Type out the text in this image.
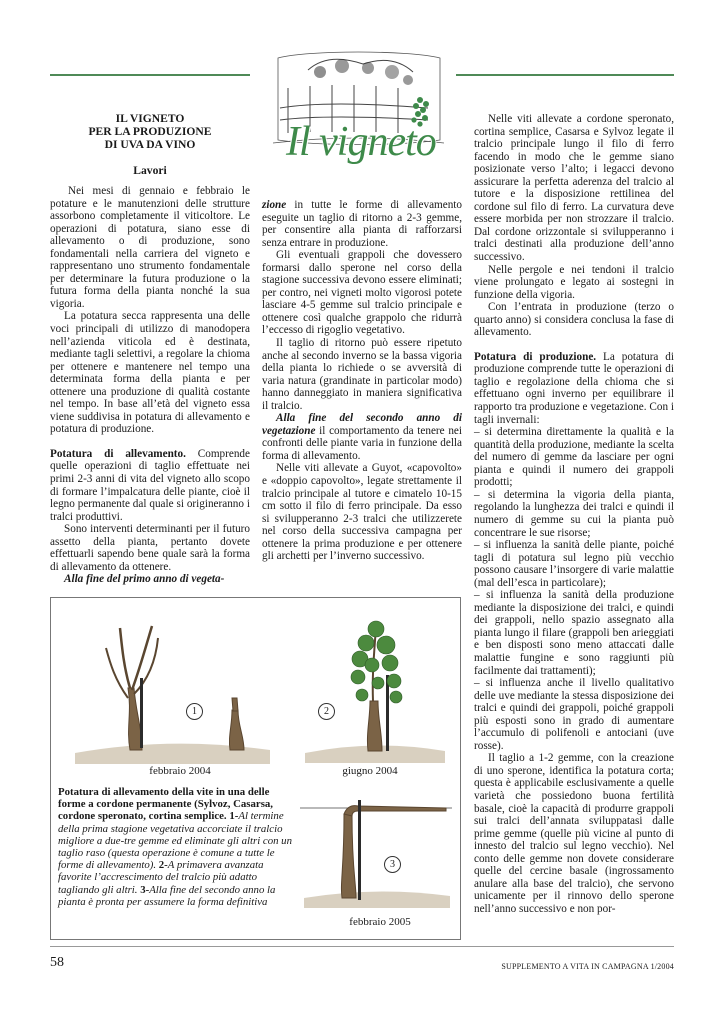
Il vigneto
IL VIGNETO
PER LA PRODUZIONE
DI UVA DA VINO
Lavori

Nei mesi di gennaio e febbraio le potature e le manutenzioni delle strutture assorbono completamente il viticoltore. Le operazioni di potatura, siano esse di allevamento o di produzione, sono fondamentali nella carriera del vigneto e rappresentano uno strumento fondamentale per determinare la futura produzione o la futura forma della pianta nonché la sua vigoria.

La potatura secca rappresenta una delle voci principali di utilizzo di manodopera nell’azienda viticola ed è destinata, mediante tagli selettivi, a regolare la chioma per ottenere e mantenere nel tempo una determinata forma della pianta e per ottenere una produzione di qualità costante nel tempo. In base all’età del vigneto essa viene suddivisa in potatura di allevamento e potatura di produzione.

Potatura di allevamento. Comprende quelle operazioni di taglio effettuate nei primi 2-3 anni di vita del vigneto allo scopo di formare l’impalcatura delle piante, cioè il legno permanente dal quale si origineranno i tralci produttivi.

Sono interventi determinanti per il futuro assetto della pianta, pertanto dovete effettuarli sapendo bene quale sarà la forma di allevamento da ottenere.

Alla fine del primo anno di vegeta-

zione in tutte le forme di allevamento eseguite un taglio di ritorno a 2-3 gemme, per consentire alla pianta di rafforzarsi senza entrare in produzione.

Gli eventuali grappoli che dovessero formarsi dallo sperone nel corso della stagione successiva devono essere eliminati; per contro, nei vigneti molto vigorosi potete lasciare 4-5 gemme sul tralcio principale e ottenere così qualche grappolo che ridurrà l’eccesso di rigoglio vegetativo.

Il taglio di ritorno può essere ripetuto anche al secondo inverno se la bassa vigoria della pianta lo richiede o se avversità di varia natura (grandinate in particolar modo) hanno danneggiato in maniera significativa il tralcio.

Alla fine del secondo anno di vegetazione il comportamento da tenere nei confronti delle piante varia in funzione della forma di allevamento.

Nelle viti allevate a Guyot, «capovolto» e «doppio capovolto», legate strettamente il tralcio principale al tutore e cimatelo 10-15 cm sotto il filo di ferro principale. Da esso si svilupperanno 2-3 tralci che utilizzerete nel corso della successiva campagna per ottenere la prima produzione e per ottenere gli archetti per l’inverno successivo.

Nelle viti allevate a cordone speronato, cortina semplice, Casarsa e Sylvoz legate il tralcio principale lungo il filo di ferro facendo in modo che le gemme siano posizionate verso l’alto; i legacci devono assicurare la perfetta aderenza del tralcio al tutore e la disposizione rettilinea del cordone sul filo di ferro. La curvatura deve essere morbida per non strozzare il tralcio. Dal cordone orizzontale si svilupperanno i tralci destinati alla produzione dell’anno successivo.

Nelle pergole e nei tendoni il tralcio viene prolungato e legato ai sostegni in funzione della vigoria.

Con l’entrata in produzione (terzo o quarto anno) si considera conclusa la fase di allevamento.

Potatura di produzione. La potatura di produzione comprende tutte le operazioni di taglio e regolazione della chioma che si effettuano ogni inverno per equilibrare il rapporto tra produzione e vegetazione. Con i tagli invernali:

– si determina direttamente la qualità e la quantità della produzione, mediante la scelta del numero di gemme da lasciare per ogni pianta e quindi il numero dei grappoli prodotti;

– si determina la vigoria della pianta, regolando la lunghezza dei tralci e quindi il numero di gemme su cui la pianta può concentrare le sue risorse;

– si influenza la sanità delle piante, poiché tagli di potatura sul legno più vecchio possono causare l’insorgere di varie malattie (mal dell’esca in particolare);

– si influenza la sanità della produzione mediante la disposizione dei tralci, e quindi dei grappoli, nello spazio assegnato alla pianta lungo il filare (grappoli ben arieggiati e ben disposti sono meno attaccati dalle malattie fungine e sono raggiunti più facilmente dai trattamenti);

– si influenza anche il livello qualitativo delle uve mediante la stessa disposizione dei tralci e quindi dei grappoli, poiché grappoli più esposti sono in grado di aumentare l’accumulo di polifenoli e antociani (uve rosse).

Il taglio a 1-2 gemme, con la creazione di uno sperone, identifica la potatura corta; questa è applicabile esclusivamente a quelle varietà che possiedono buona fertilità basale, cioè la capacità di produrre grappoli sui tralci dell’annata sviluppatasi dalle prime gemme (quelle più vicine al punto di innesto del tralcio sul legno vecchio). Nel conto delle gemme non dovete considerare quelle del cercine basale (ingrossamento anulare alla base del tralcio), che servono unicamente per il rinnovo dello sperone nell’anno successivo e non por-

1
febbraio 2004
2
giugno 2004
Potatura di allevamento della vite in una delle forme a cordone permanente (Sylvoz, Casarsa, cordone speronato, cortina semplice. 1-Al termine della prima stagione vegetativa accorciate il tralcio migliore a due-tre gemme ed eliminate gli altri con un taglio raso (questa operazione è comune a tutte le forme di allevamento). 2-A primavera avanzata favorite l’accrescimento del tralcio più adatto tagliando gli altri. 3-Alla fine del secondo anno la pianta è pronta per assumere la forma definitiva
3
febbraio 2005
58	SUPPLEMENTO A VITA IN CAMPAGNA 1/2004
